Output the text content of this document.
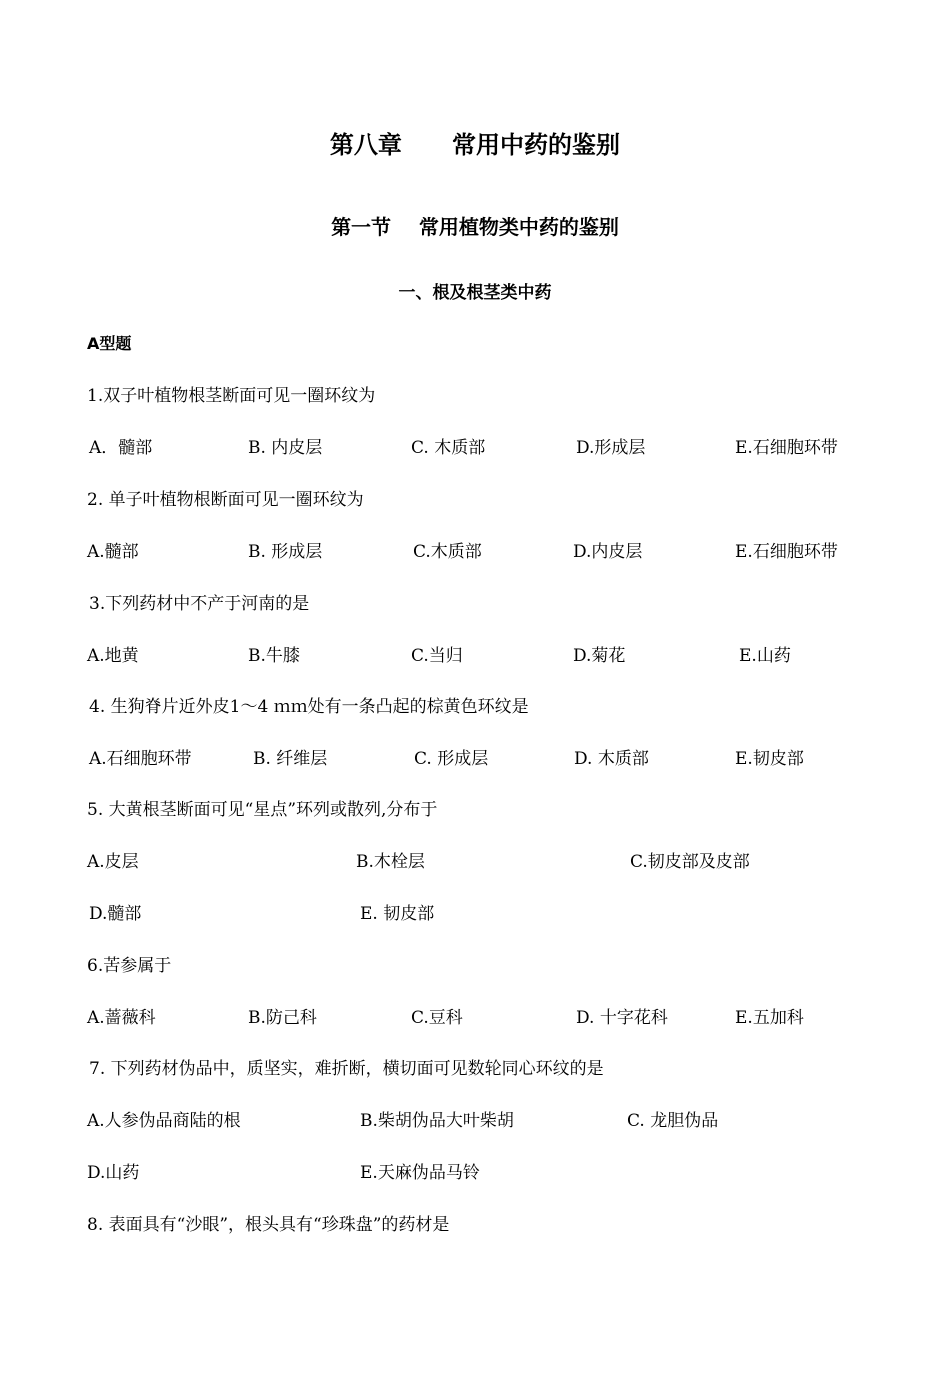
第八章      常用中药的鉴别
第一节    常用植物类中药的鉴别
一、根及根茎类中药
A型题
1.双子叶植物根茎断面可见一圈环纹为
A．髓部	B. 内皮层	C. 木质部	D.形成层	E.石细胞环带
2. 单子叶植物根断面可见一圈环纹为
A.髓部	B. 形成层	C.木质部	D.内皮层	E.石细胞环带
3.下列药材中不产于河南的是
A.地黄	B.牛膝	C.当归	D.菊花	E.山药
4. 生狗脊片近外皮1～4 ｍｍ处有一条凸起的棕黄色环纹是
A.石细胞环带	B. 纤维层	C. 形成层	D. 木质部	E.韧皮部
5. 大黄根茎断面可见“星点”环列或散列,分布于
A.皮层	B.木栓层	C.韧皮部及皮部
D.髓部	E. 韧皮部
6.苦参属于
A.蔷薇科	B.防己科	C.豆科	D. 十字花科	E.五加科
7. 下列药材伪品中，质坚实，难折断，横切面可见数轮同心环纹的是
A.人参伪品商陆的根	B.柴胡伪品大叶柴胡	C. 龙胆伪品
D.山药	E.天麻伪品马铃
8. 表面具有“沙眼”，根头具有“珍珠盘”的药材是
